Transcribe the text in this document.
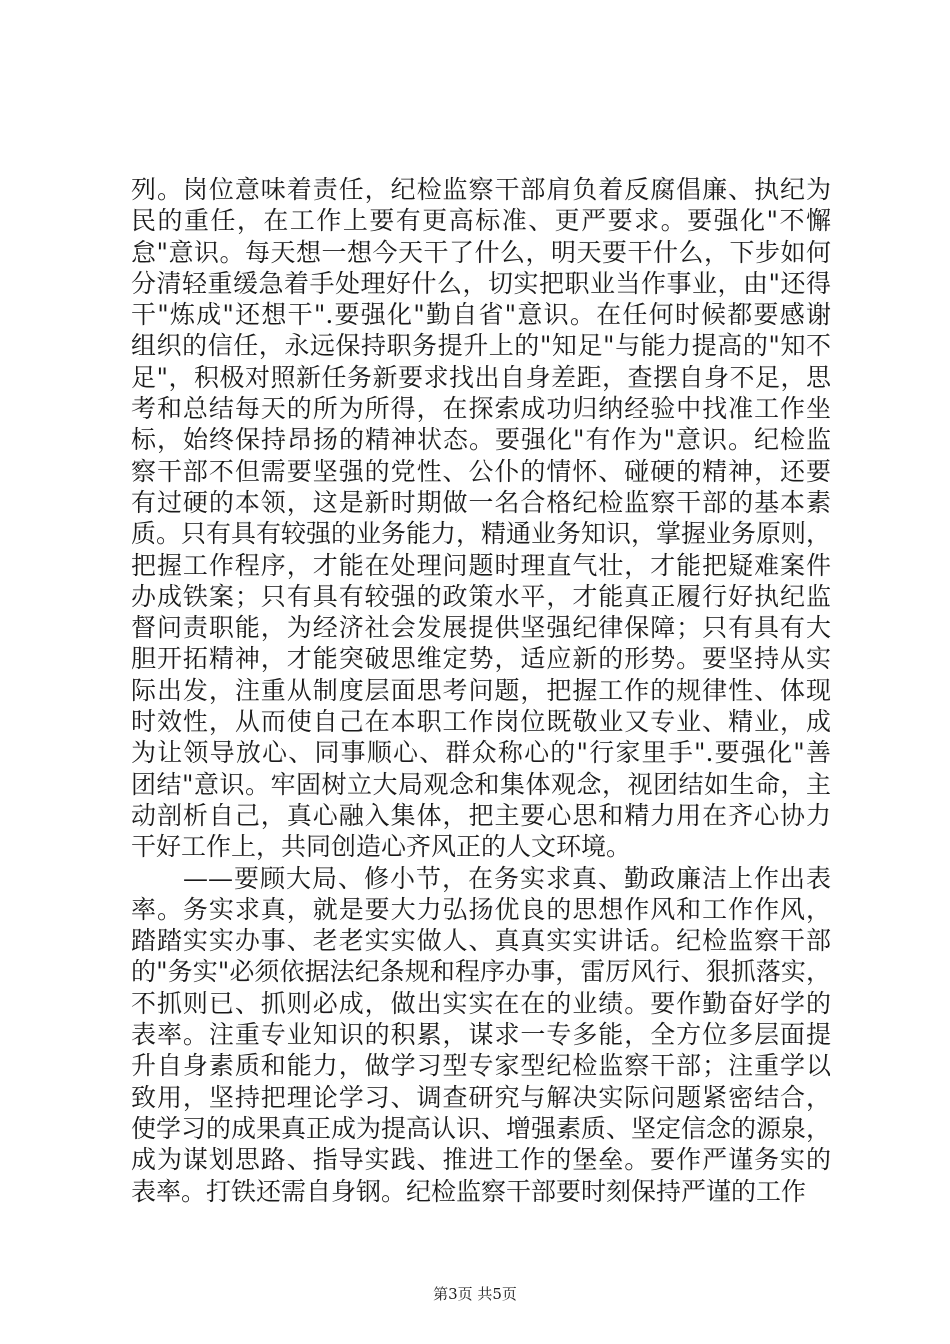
列。岗位意味着责任，纪检监察干部肩负着反腐倡廉、执纪为
民的重任，在工作上要有更高标准、更严要求。要强化"不懈
怠"意识。每天想一想今天干了什么，明天要干什么，下步如何
分清轻重缓急着手处理好什么，切实把职业当作事业，由"还得
干"炼成"还想干".要强化"勤自省"意识。在任何时候都要感谢
组织的信任，永远保持职务提升上的"知足"与能力提高的"知不
足"，积极对照新任务新要求找出自身差距，查摆自身不足，思
考和总结每天的所为所得，在探索成功归纳经验中找准工作坐
标，始终保持昂扬的精神状态。要强化"有作为"意识。纪检监
察干部不但需要坚强的党性、公仆的情怀、碰硬的精神，还要
有过硬的本领，这是新时期做一名合格纪检监察干部的基本素
质。只有具有较强的业务能力，精通业务知识，掌握业务原则，
把握工作程序，才能在处理问题时理直气壮，才能把疑难案件
办成铁案；只有具有较强的政策水平，才能真正履行好执纪监
督问责职能，为经济社会发展提供坚强纪律保障；只有具有大
胆开拓精神，才能突破思维定势，适应新的形势。要坚持从实
际出发，注重从制度层面思考问题，把握工作的规律性、体现
时效性，从而使自己在本职工作岗位既敬业又专业、精业，成
为让领导放心、同事顺心、群众称心的"行家里手".要强化"善
团结"意识。牢固树立大局观念和集体观念，视团结如生命，主
动剖析自己，真心融入集体，把主要心思和精力用在齐心协力
干好工作上，共同创造心齐风正的人文环境。
　　——要顾大局、修小节，在务实求真、勤政廉洁上作出表
率。务实求真，就是要大力弘扬优良的思想作风和工作作风，
踏踏实实办事、老老实实做人、真真实实讲话。纪检监察干部
的"务实"必须依据法纪条规和程序办事，雷厉风行、狠抓落实，
不抓则已、抓则必成，做出实实在在的业绩。要作勤奋好学的
表率。注重专业知识的积累，谋求一专多能，全方位多层面提
升自身素质和能力，做学习型专家型纪检监察干部；注重学以
致用，坚持把理论学习、调查研究与解决实际问题紧密结合，
使学习的成果真正成为提高认识、增强素质、坚定信念的源泉，
成为谋划思路、指导实践、推进工作的堡垒。要作严谨务实的
表率。打铁还需自身钢。纪检监察干部要时刻保持严谨的工作
第3页 共5页
